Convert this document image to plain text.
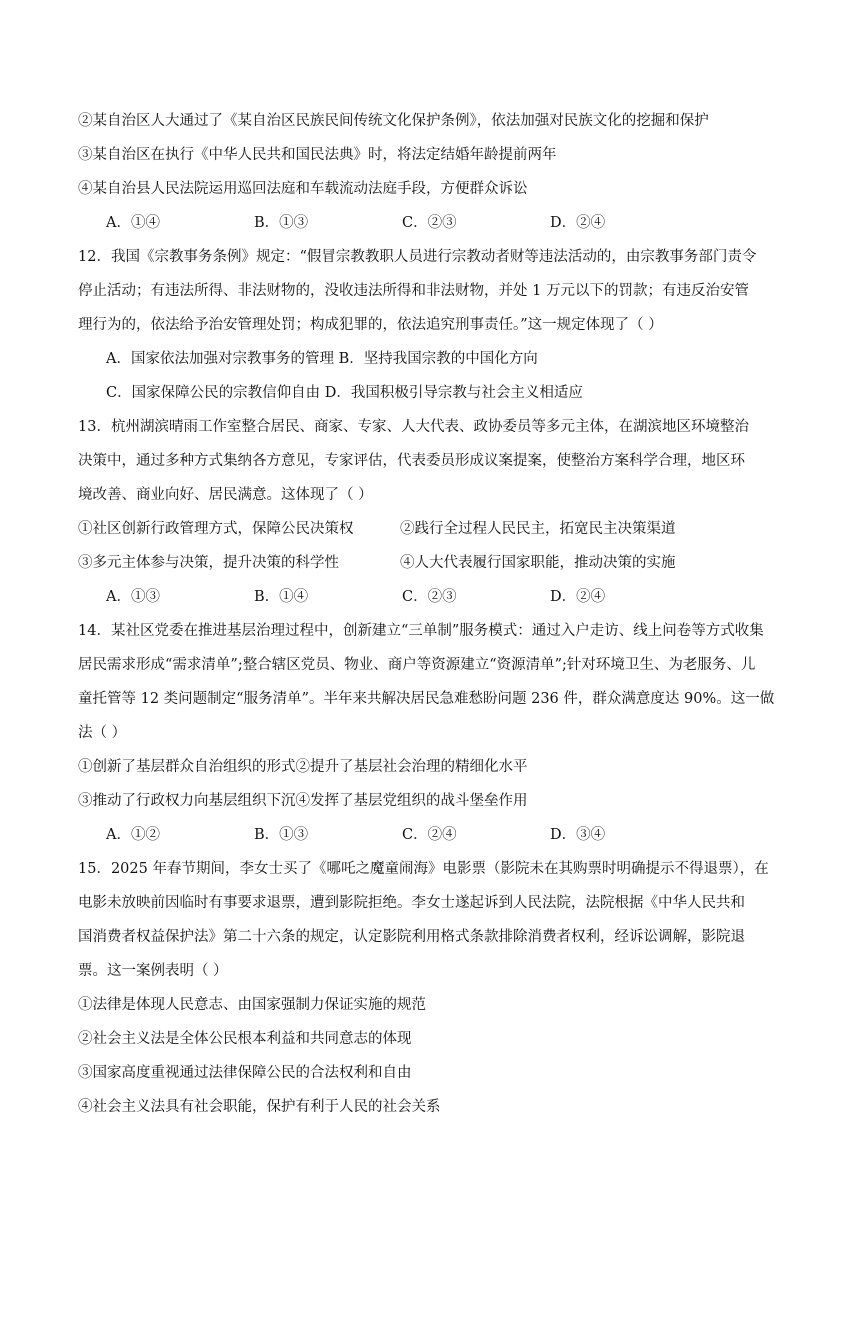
②某自治区人大通过了《某自治区民族民间传统文化保护条例》，依法加强对民族文化的挖掘和保护
③某自治区在执行《中华人民共和国民法典》时，将法定结婚年龄提前两年
④某自治县人民法院运用巡回法庭和车载流动法庭手段，方便群众诉讼
A．①④	B．①③	C．②③	D．②④
12．我国《宗教事务条例》规定：“假冒宗教教职人员进行宗教动者财等违法活动的，由宗教事务部门责令
停止活动；有违法所得、非法财物的，没收违法所得和非法财物，并处 1 万元以下的罚款；有违反治安管
理行为的，依法给予治安管理处罚；构成犯罪的，依法追究刑事责任。”这一规定体现了（ ）
A．国家依法加强对宗教事务的管理 B．坚持我国宗教的中国化方向
C．国家保障公民的宗教信仰自由 D．我国积极引导宗教与社会主义相适应
13．杭州湖滨晴雨工作室整合居民、商家、专家、人大代表、政协委员等多元主体，在湖滨地区环境整治
决策中，通过多种方式集纳各方意见，专家评估，代表委员形成议案提案，使整治方案科学合理，地区环
境改善、商业向好、居民满意。这体现了（ ）
①社区创新行政管理方式，保障公民决策权	②践行全过程人民民主，拓宽民主决策渠道
③多元主体参与决策，提升决策的科学性	④人大代表履行国家职能，推动决策的实施
A．①③	B．①④	C．②③	D．②④
14．某社区党委在推进基层治理过程中，创新建立“三单制”服务模式：通过入户走访、线上问卷等方式收集
居民需求形成“需求清单”;整合辖区党员、物业、商户等资源建立“资源清单”;针对环境卫生、为老服务、儿
童托管等 12 类问题制定“服务清单”。半年来共解决居民急难愁盼问题 236 件，群众满意度达 90%。这一做
法（ ）
①创新了基层群众自治组织的形式②提升了基层社会治理的精细化水平
③推动了行政权力向基层组织下沉④发挥了基层党组织的战斗堡垒作用
A．①②	B．①③	C．②④	D．③④
15．2025 年春节期间，李女士买了《哪吒之魔童闹海》电影票（影院未在其购票时明确提示不得退票），在
电影未放映前因临时有事要求退票，遭到影院拒绝。李女士遂起诉到人民法院，法院根据《中华人民共和
国消费者权益保护法》第二十六条的规定，认定影院利用格式条款排除消费者权利，经诉讼调解，影院退
票。这一案例表明（ ）
①法律是体现人民意志、由国家强制力保证实施的规范
②社会主义法是全体公民根本利益和共同意志的体现
③国家高度重视通过法律保障公民的合法权利和自由
④社会主义法具有社会职能，保护有利于人民的社会关系
